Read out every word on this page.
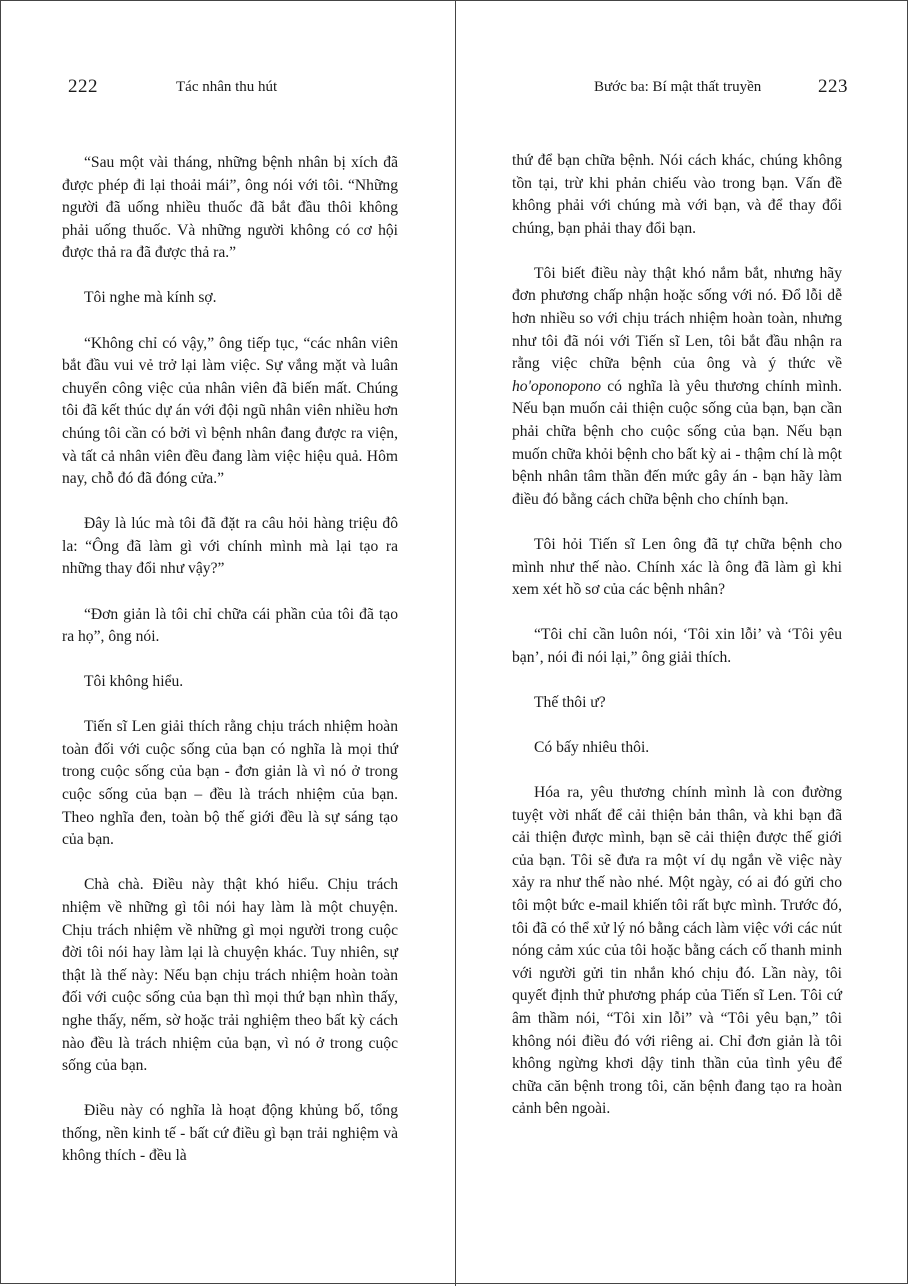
222	Tác nhân thu hút

“Sau một vài tháng, những bệnh nhân bị xích đã được phép đi lại thoải mái”, ông nói với tôi. “Những người đã uống nhiều thuốc đã bắt đầu thôi không phải uống thuốc. Và những người không có cơ hội được thả ra đã được thả ra.”

Tôi nghe mà kính sợ.

“Không chỉ có vậy,” ông tiếp tục, “các nhân viên bắt đầu vui vẻ trở lại làm việc. Sự vắng mặt và luân chuyển công việc của nhân viên đã biến mất. Chúng tôi đã kết thúc dự án với đội ngũ nhân viên nhiều hơn chúng tôi cần có bởi vì bệnh nhân đang được ra viện, và tất cả nhân viên đều đang làm việc hiệu quả. Hôm nay, chỗ đó đã đóng cửa.”

Đây là lúc mà tôi đã đặt ra câu hỏi hàng triệu đô la: “Ông đã làm gì với chính mình mà lại tạo ra những thay đổi như vậy?”

“Đơn giản là tôi chỉ chữa cái phần của tôi đã tạo ra họ”, ông nói.

Tôi không hiểu.

Tiến sĩ Len giải thích rằng chịu trách nhiệm hoàn toàn đối với cuộc sống của bạn có nghĩa là mọi thứ trong cuộc sống của bạn - đơn giản là vì nó ở trong cuộc sống của bạn – đều là trách nhiệm của bạn. Theo nghĩa đen, toàn bộ thế giới đều là sự sáng tạo của bạn.

Chà chà. Điều này thật khó hiểu. Chịu trách nhiệm về những gì tôi nói hay làm là một chuyện. Chịu trách nhiệm về những gì mọi người trong cuộc đời tôi nói hay làm lại là chuyện khác. Tuy nhiên, sự thật là thế này: Nếu bạn chịu trách nhiệm hoàn toàn đối với cuộc sống của bạn thì mọi thứ bạn nhìn thấy, nghe thấy, nếm, sờ hoặc trải nghiệm theo bất kỳ cách nào đều là trách nhiệm của bạn, vì nó ở trong cuộc sống của bạn.

Điều này có nghĩa là hoạt động khủng bố, tổng thống, nền kinh tế - bất cứ điều gì bạn trải nghiệm và không thích - đều là

Bước ba: Bí mật thất truyền	223

thứ để bạn chữa bệnh. Nói cách khác, chúng không tồn tại, trừ khi phản chiếu vào trong bạn. Vấn đề không phải với chúng mà với bạn, và để thay đổi chúng, bạn phải thay đổi bạn.

Tôi biết điều này thật khó nắm bắt, nhưng hãy đơn phương chấp nhận hoặc sống với nó. Đổ lỗi dễ hơn nhiều so với chịu trách nhiệm hoàn toàn, nhưng như tôi đã nói với Tiến sĩ Len, tôi bắt đầu nhận ra rằng việc chữa bệnh của ông và ý thức về ho'oponopono có nghĩa là yêu thương chính mình. Nếu bạn muốn cải thiện cuộc sống của bạn, bạn cần phải chữa bệnh cho cuộc sống của bạn. Nếu bạn muốn chữa khỏi bệnh cho bất kỳ ai - thậm chí là một bệnh nhân tâm thần đến mức gây án - bạn hãy làm điều đó bằng cách chữa bệnh cho chính bạn.

Tôi hỏi Tiến sĩ Len ông đã tự chữa bệnh cho mình như thế nào. Chính xác là ông đã làm gì khi xem xét hồ sơ của các bệnh nhân?

“Tôi chỉ cần luôn nói, ‘Tôi xin lỗi’ và ‘Tôi yêu bạn’, nói đi nói lại,” ông giải thích.

Thế thôi ư?

Có bấy nhiêu thôi.

Hóa ra, yêu thương chính mình là con đường tuyệt vời nhất để cải thiện bản thân, và khi bạn đã cải thiện được mình, bạn sẽ cải thiện được thế giới của bạn. Tôi sẽ đưa ra một ví dụ ngắn về việc này xảy ra như thế nào nhé. Một ngày, có ai đó gửi cho tôi một bức e-mail khiến tôi rất bực mình. Trước đó, tôi đã có thể xử lý nó bằng cách làm việc với các nút nóng cảm xúc của tôi hoặc bằng cách cố thanh minh với người gửi tin nhắn khó chịu đó. Lần này, tôi quyết định thử phương pháp của Tiến sĩ Len. Tôi cứ âm thầm nói, “Tôi xin lỗi” và “Tôi yêu bạn,” tôi không nói điều đó với riêng ai. Chỉ đơn giản là tôi không ngừng khơi dậy tinh thần của tình yêu để chữa căn bệnh trong tôi, căn bệnh đang tạo ra hoàn cảnh bên ngoài.
